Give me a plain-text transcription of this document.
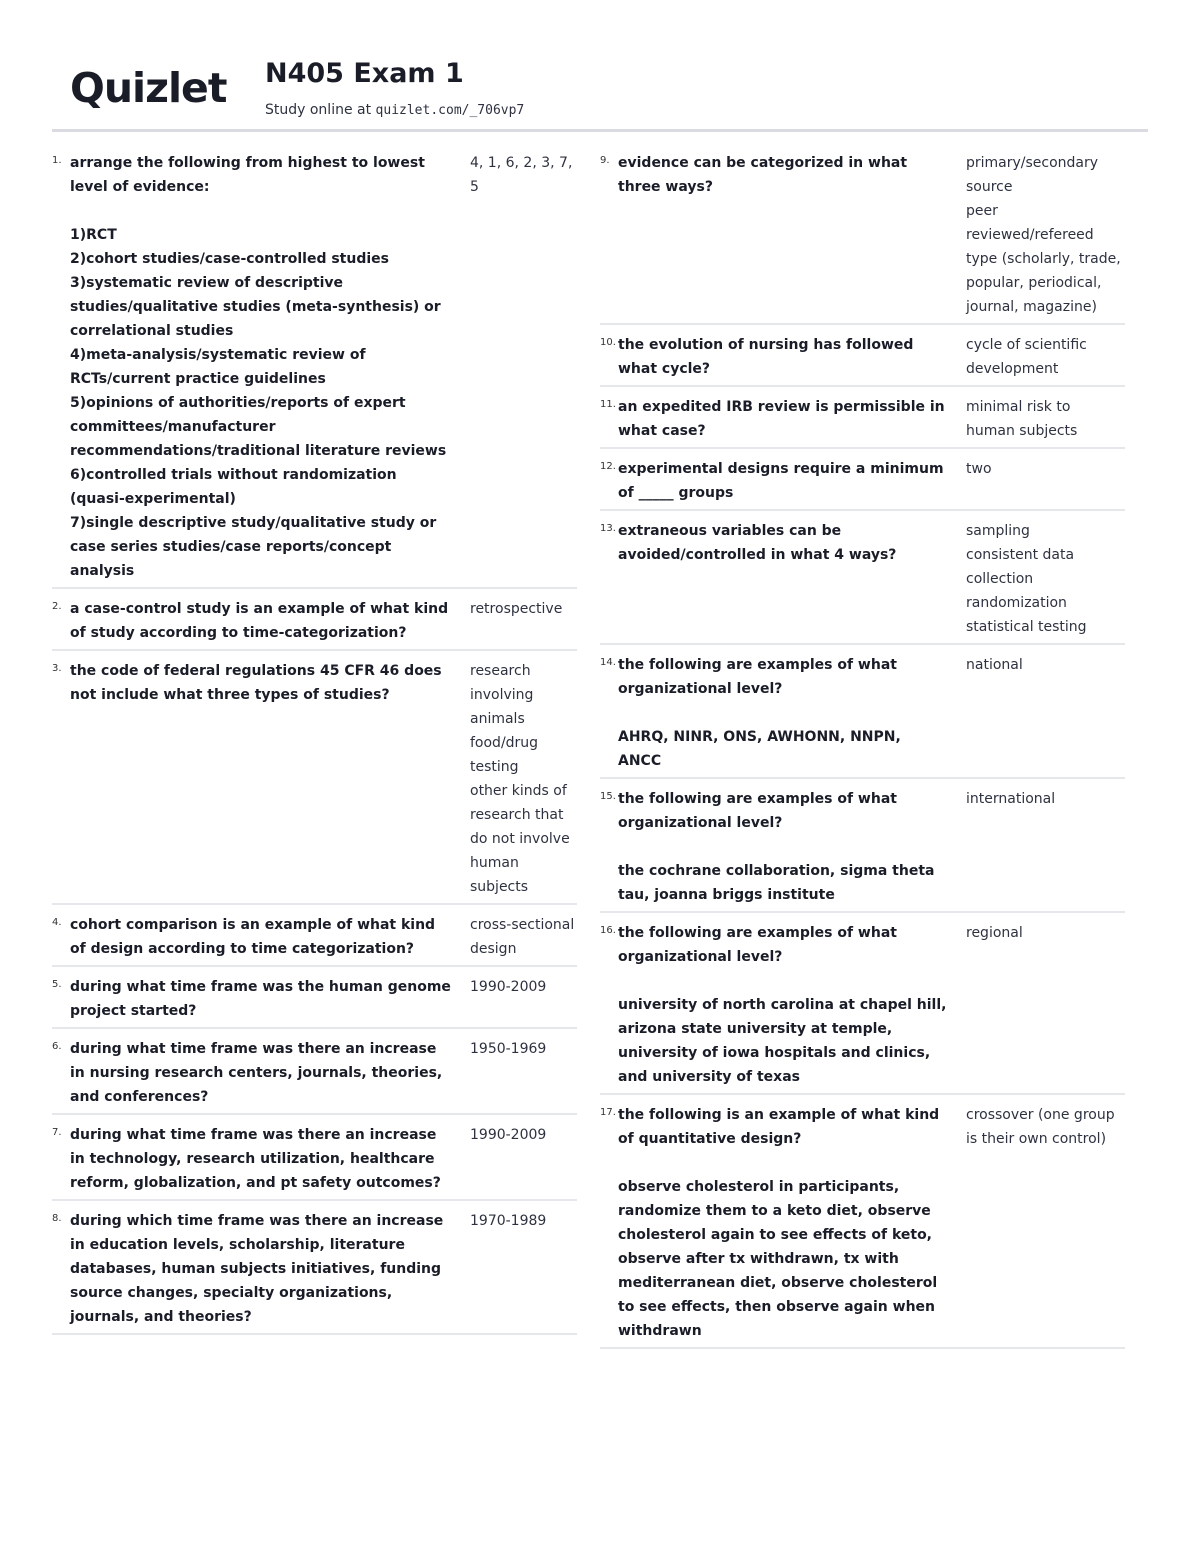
Quizlet N405 Exam 1
Study online at quizlet.com/_706vp7
1. arrange the following from highest to lowest level of evidence:

1)RCT
2)cohort studies/case-controlled studies
3)systematic review of descriptive studies/qualitative studies (meta-synthesis) or correlational studies
4)meta-analysis/systematic review of RCTs/current practice guidelines
5)opinions of authorities/reports of expert committees/manufacturer recommendations/traditional literature reviews
6)controlled trials without randomization (quasi-experimental)
7)single descriptive study/qualitative study or case series studies/case reports/concept analysis
4, 1, 6, 2, 3, 7, 5
2. a case-control study is an example of what kind of study according to time-categorization?
retrospective
3. the code of federal regulations 45 CFR 46 does not include what three types of studies?
research involving animals
food/drug testing
other kinds of research that do not involve human subjects
4. cohort comparison is an example of what kind of design according to time categorization?
cross-sectional design
5. during what time frame was the human genome project started?
1990-2009
6. during what time frame was there an increase in nursing research centers, journals, theories, and conferences?
1950-1969
7. during what time frame was there an increase in technology, research utilization, healthcare reform, globalization, and pt safety outcomes?
1990-2009
8. during which time frame was there an increase in education levels, scholarship, literature databases, human subjects initiatives, funding source changes, specialty organizations, journals, and theories?
1970-1989
9. evidence can be categorized in what three ways?
primary/secondary source
peer reviewed/refereed
type (scholarly, trade, popular, periodical, journal, magazine)
10. the evolution of nursing has followed what cycle?
cycle of scientific development
11. an expedited IRB review is permissible in what case?
minimal risk to human subjects
12. experimental designs require a minimum of _____ groups
two
13. extraneous variables can be avoided/controlled in what 4 ways?
sampling
consistent data collection
randomization
statistical testing
14. the following are examples of what organizational level?

AHRQ, NINR, ONS, AWHONN, NNPN, ANCC
national
15. the following are examples of what organizational level?

the cochrane collaboration, sigma theta tau, joanna briggs institute
international
16. the following are examples of what organizational level?

university of north carolina at chapel hill, arizona state university at temple, university of iowa hospitals and clinics, and university of texas
regional
17. the following is an example of what kind of quantitative design?

observe cholesterol in participants, randomize them to a keto diet, observe cholesterol again to see effects of keto, observe after tx withdrawn, tx with mediterranean diet, observe cholesterol to see effects, then observe again when withdrawn
crossover (one group is their own control)
